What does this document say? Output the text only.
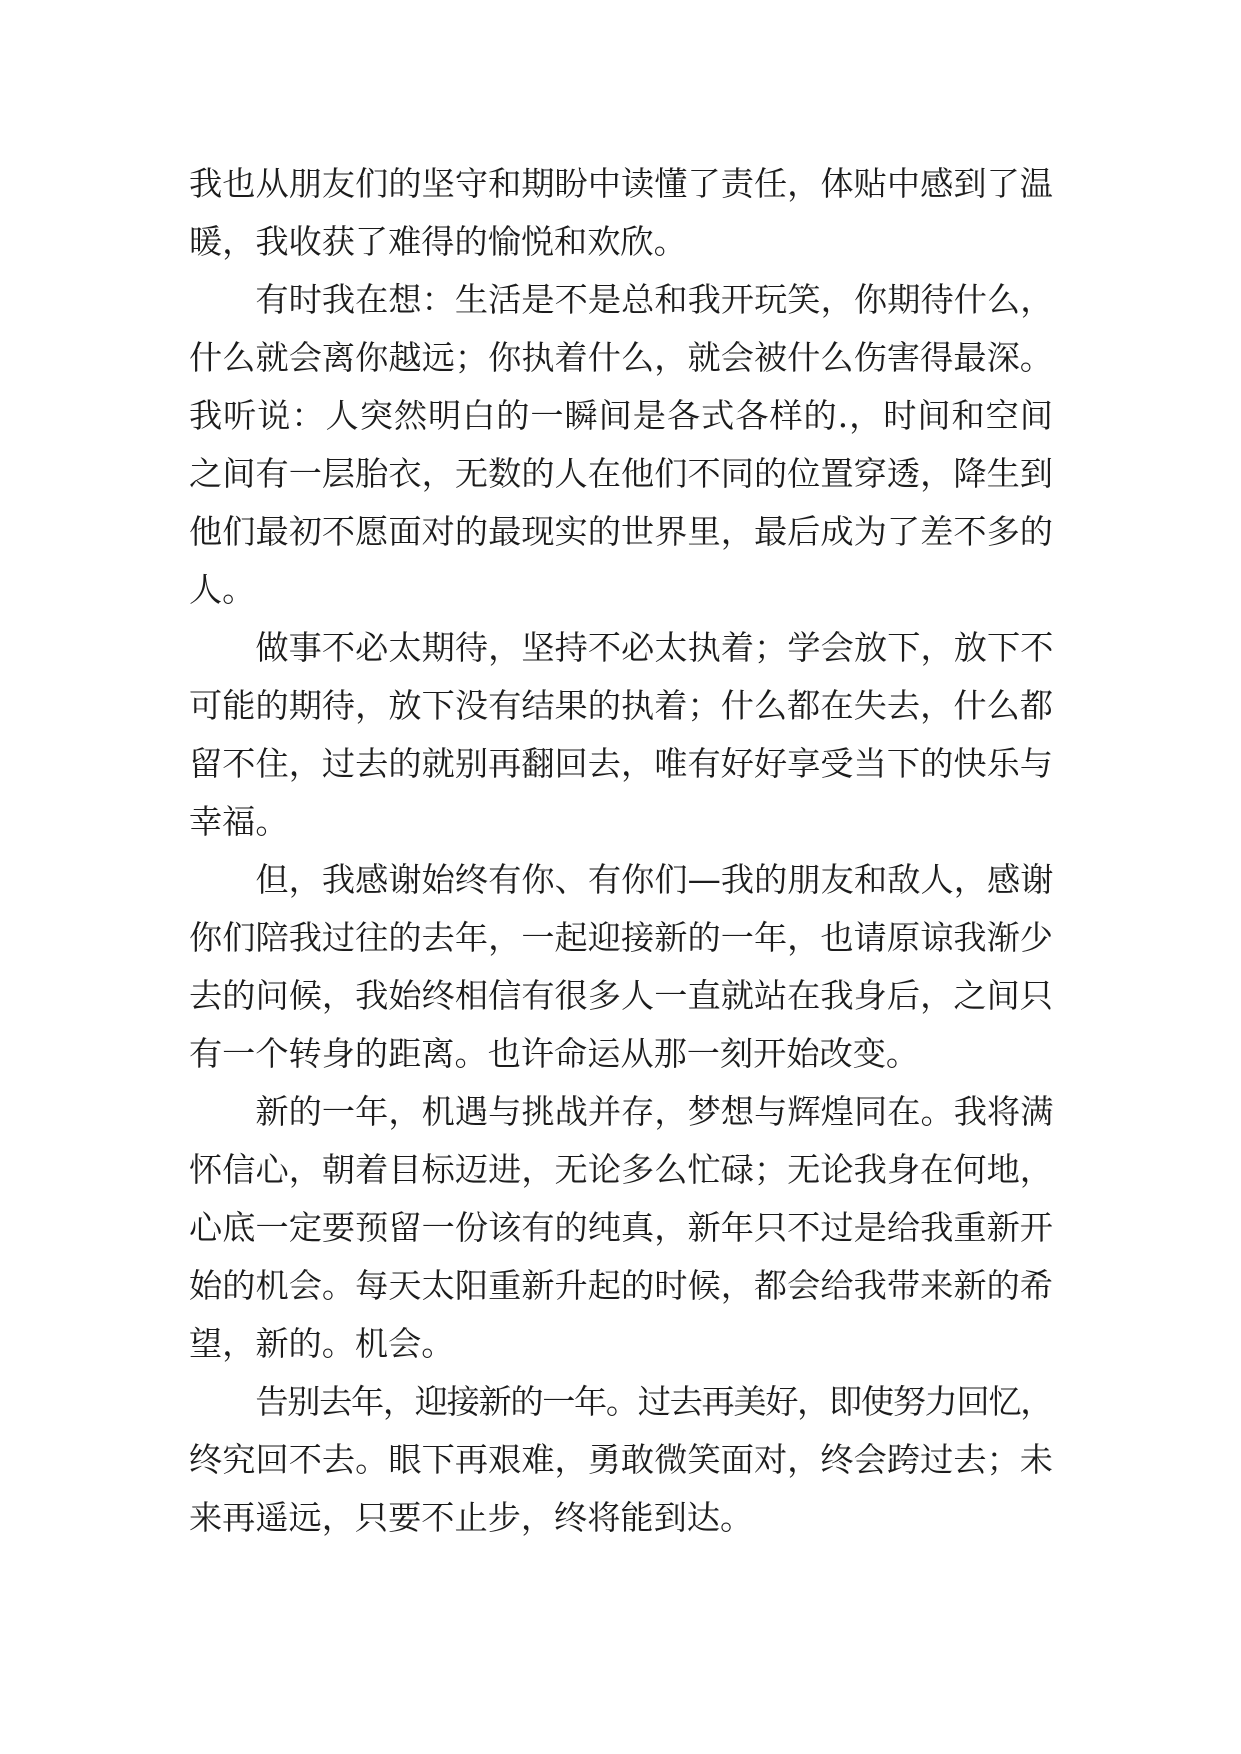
我也从朋友们的坚守和期盼中读懂了责任，体贴中感到了温
暖，我收获了难得的愉悦和欢欣。
有时我在想：生活是不是总和我开玩笑，你期待什么，
什么就会离你越远；你执着什么，就会被什么伤害得最深。
我听说：人突然明白的一瞬间是各式各样的.，时间和空间
之间有一层胎衣，无数的人在他们不同的位置穿透，降生到
他们最初不愿面对的最现实的世界里，最后成为了差不多的
人。
做事不必太期待，坚持不必太执着；学会放下，放下不
可能的期待，放下没有结果的执着；什么都在失去，什么都
留不住，过去的就别再翻回去，唯有好好享受当下的快乐与
幸福。
但，我感谢始终有你、有你们—我的朋友和敌人，感谢
你们陪我过往的去年，一起迎接新的一年，也请原谅我渐少
去的问候，我始终相信有很多人一直就站在我身后，之间只
有一个转身的距离。也许命运从那一刻开始改变。
新的一年，机遇与挑战并存，梦想与辉煌同在。我将满
怀信心，朝着目标迈进，无论多么忙碌；无论我身在何地，
心底一定要预留一份该有的纯真，新年只不过是给我重新开
始的机会。每天太阳重新升起的时候，都会给我带来新的希
望，新的。机会。
告别去年，迎接新的一年。过去再美好，即使努力回忆，
终究回不去。眼下再艰难，勇敢微笑面对，终会跨过去；未
来再遥远，只要不止步，终将能到达。
